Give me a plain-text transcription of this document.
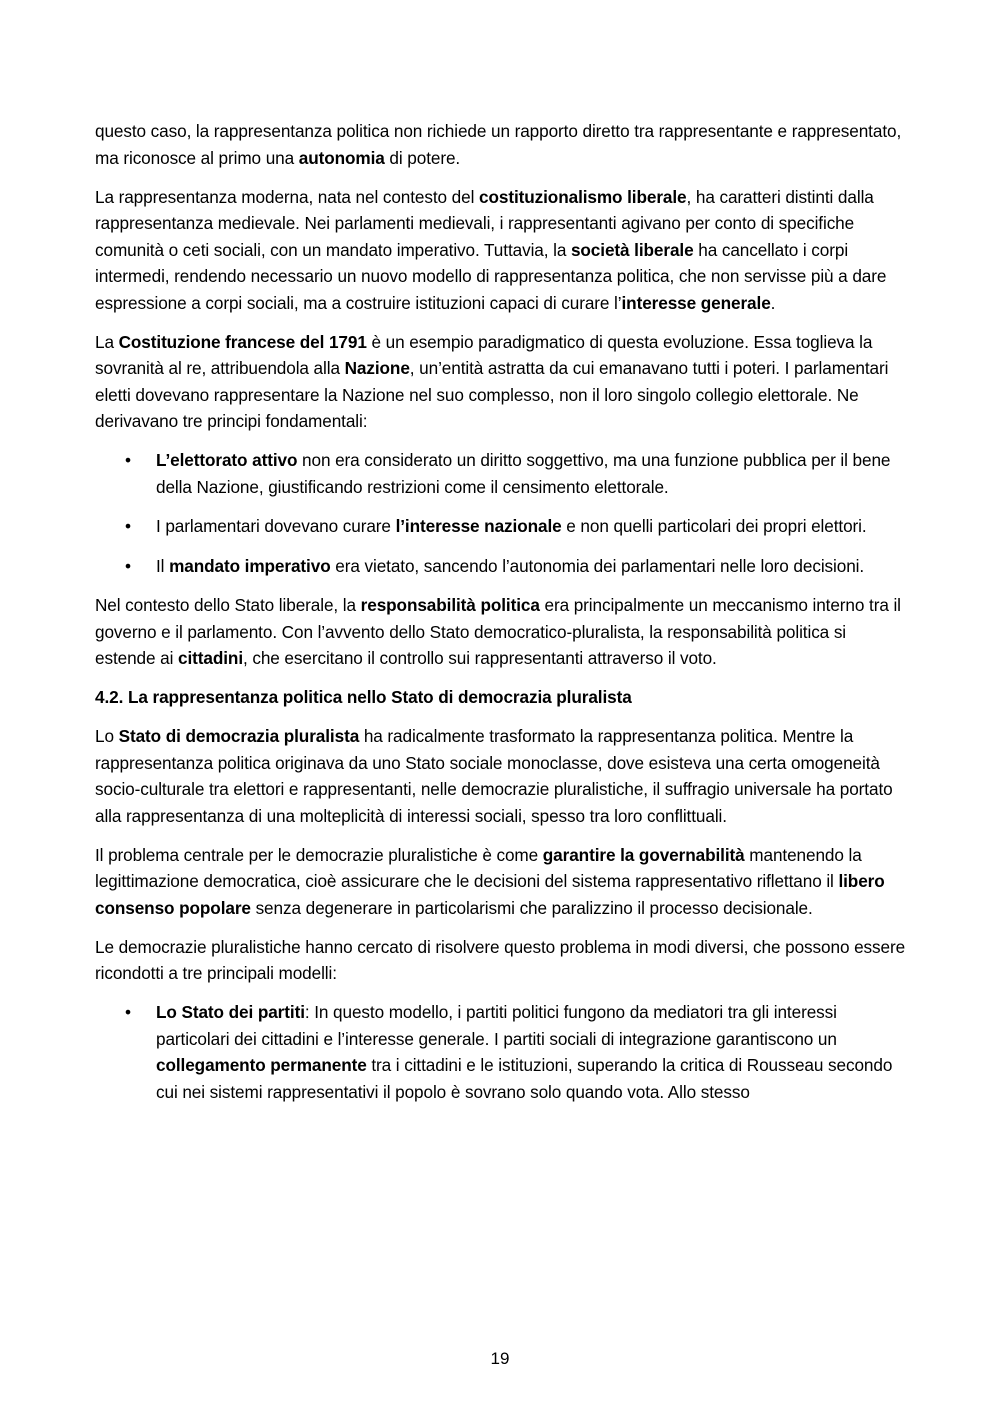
questo caso, la rappresentanza politica non richiede un rapporto diretto tra rappresentante e rappresentato, ma riconosce al primo una autonomia di potere.

La rappresentanza moderna, nata nel contesto del costituzionalismo liberale, ha caratteri distinti dalla rappresentanza medievale. Nei parlamenti medievali, i rappresentanti agivano per conto di specifiche comunità o ceti sociali, con un mandato imperativo. Tuttavia, la società liberale ha cancellato i corpi intermedi, rendendo necessario un nuovo modello di rappresentanza politica, che non servisse più a dare espressione a corpi sociali, ma a costruire istituzioni capaci di curare l’interesse generale.

La Costituzione francese del 1791 è un esempio paradigmatico di questa evoluzione. Essa toglieva la sovranità al re, attribuendola alla Nazione, un’entità astratta da cui emanavano tutti i poteri. I parlamentari eletti dovevano rappresentare la Nazione nel suo complesso, non il loro singolo collegio elettorale. Ne derivavano tre principi fondamentali:

• L’elettorato attivo non era considerato un diritto soggettivo, ma una funzione pubblica per il bene della Nazione, giustificando restrizioni come il censimento elettorale.
• I parlamentari dovevano curare l’interesse nazionale e non quelli particolari dei propri elettori.
• Il mandato imperativo era vietato, sancendo l’autonomia dei parlamentari nelle loro decisioni.

Nel contesto dello Stato liberale, la responsabilità politica era principalmente un meccanismo interno tra il governo e il parlamento. Con l’avvento dello Stato democratico-pluralista, la responsabilità politica si estende ai cittadini, che esercitano il controllo sui rappresentanti attraverso il voto.

4.2. La rappresentanza politica nello Stato di democrazia pluralista

Lo Stato di democrazia pluralista ha radicalmente trasformato la rappresentanza politica. Mentre la rappresentanza politica originava da uno Stato sociale monoclasse, dove esisteva una certa omogeneità socio-culturale tra elettori e rappresentanti, nelle democrazie pluralistiche, il suffragio universale ha portato alla rappresentanza di una molteplicità di interessi sociali, spesso tra loro conflittuali.

Il problema centrale per le democrazie pluralistiche è come garantire la governabilità mantenendo la legittimazione democratica, cioè assicurare che le decisioni del sistema rappresentativo riflettano il libero consenso popolare senza degenerare in particolarismi che paralizzino il processo decisionale.

Le democrazie pluralistiche hanno cercato di risolvere questo problema in modi diversi, che possono essere ricondotti a tre principali modelli:

• Lo Stato dei partiti: In questo modello, i partiti politici fungono da mediatori tra gli interessi particolari dei cittadini e l’interesse generale. I partiti sociali di integrazione garantiscono un collegamento permanente tra i cittadini e le istituzioni, superando la critica di Rousseau secondo cui nei sistemi rappresentativi il popolo è sovrano solo quando vota. Allo stesso
19
